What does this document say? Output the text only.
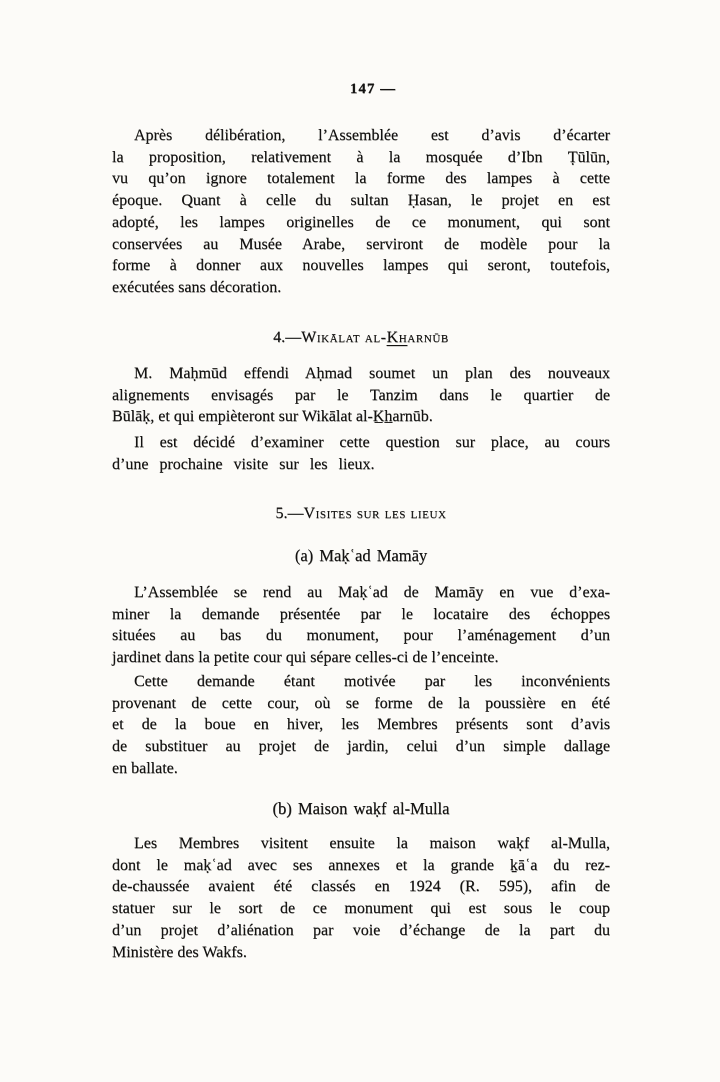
147 —
Après délibération, l’Assemblée est d’avis d’écarter
la proposition, relativement à la mosquée d’Ibn Ṭūlūn,
vu qu’on ignore totalement la forme des lampes à cette
époque. Quant à celle du sultan Ḥasan, le projet en est
adopté, les lampes originelles de ce monument, qui sont
conservées au Musée Arabe, serviront de modèle pour la
forme à donner aux nouvelles lampes qui seront, toutefois,
exécutées sans décoration.
4.—Wikālat al-Kharnūb
M. Maḥmūd effendi Aḥmad soumet un plan des nouveaux
alignements envisagés par le Tanzim dans le quartier de
Būlāḳ, et qui empièteront sur Wikālat al-K̲h̲arnūb.
Il est décidé d’examiner cette question sur place, au cours
d’une prochaine visite sur les lieux.
5.—Visites sur les lieux
(a) Maḳʿad Mamāy
L’Assemblée se rend au Maḳʿad de Mamāy en vue d’exa-
miner la demande présentée par le locataire des échoppes
situées au bas du monument, pour l’aménagement d’un
jardinet dans la petite cour qui sépare celles-ci de l’enceinte.
Cette demande étant motivée par les inconvénients
provenant de cette cour, où se forme de la poussière en été
et de la boue en hiver, les Membres présents sont d’avis
de substituer au projet de jardin, celui d’un simple dallage
en ballate.
(b) Maison waḳf al-Mulla
Les Membres visitent ensuite la maison waḳf al-Mulla,
dont le maḳʿad avec ses annexes et la grande ḵāʿa du rez-
de-chaussée avaient été classés en 1924 (R. 595), afin de
statuer sur le sort de ce monument qui est sous le coup
d’un projet d’aliénation par voie d’échange de la part du
Ministère des Wakfs.
